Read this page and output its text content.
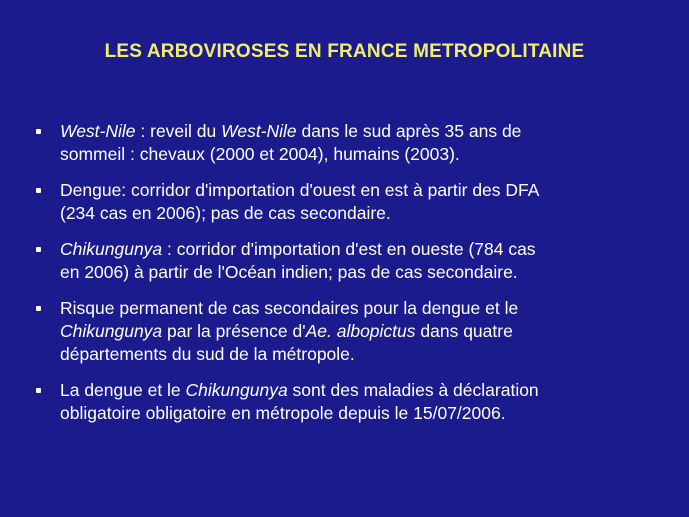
LES ARBOVIROSES EN FRANCE METROPOLITAINE
West-Nile : reveil du West-Nile dans le sud après 35 ans de
sommeil : chevaux (2000 et 2004), humains (2003).
Dengue: corridor d'importation d'ouest en est à partir des DFA
(234 cas en 2006); pas de cas secondaire.
Chikungunya : corridor d'importation d'est en oueste (784 cas
en 2006) à partir de l'Océan indien; pas de cas secondaire.
Risque permanent de cas secondaires pour la dengue et le
Chikungunya par la présence d'Ae. albopictus dans quatre
départements du sud de la métropole.
La dengue et le Chikungunya sont des maladies à déclaration
obligatoire obligatoire en métropole depuis le 15/07/2006.
